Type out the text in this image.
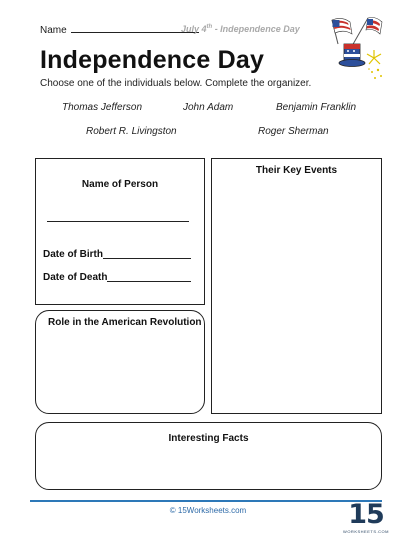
Name	July 4th - Independence Day
Independence Day
Choose one of the individuals below. Complete the organizer.
Thomas Jefferson	John Adam	Benjamin Franklin
Robert R. Livingston	Roger Sherman
Name of Person
Date of Birth
Date of Death
Their Key Events
Role in the American Revolution
Interesting Facts
© 15Worksheets.com	15
WORKSHEETS.COM
